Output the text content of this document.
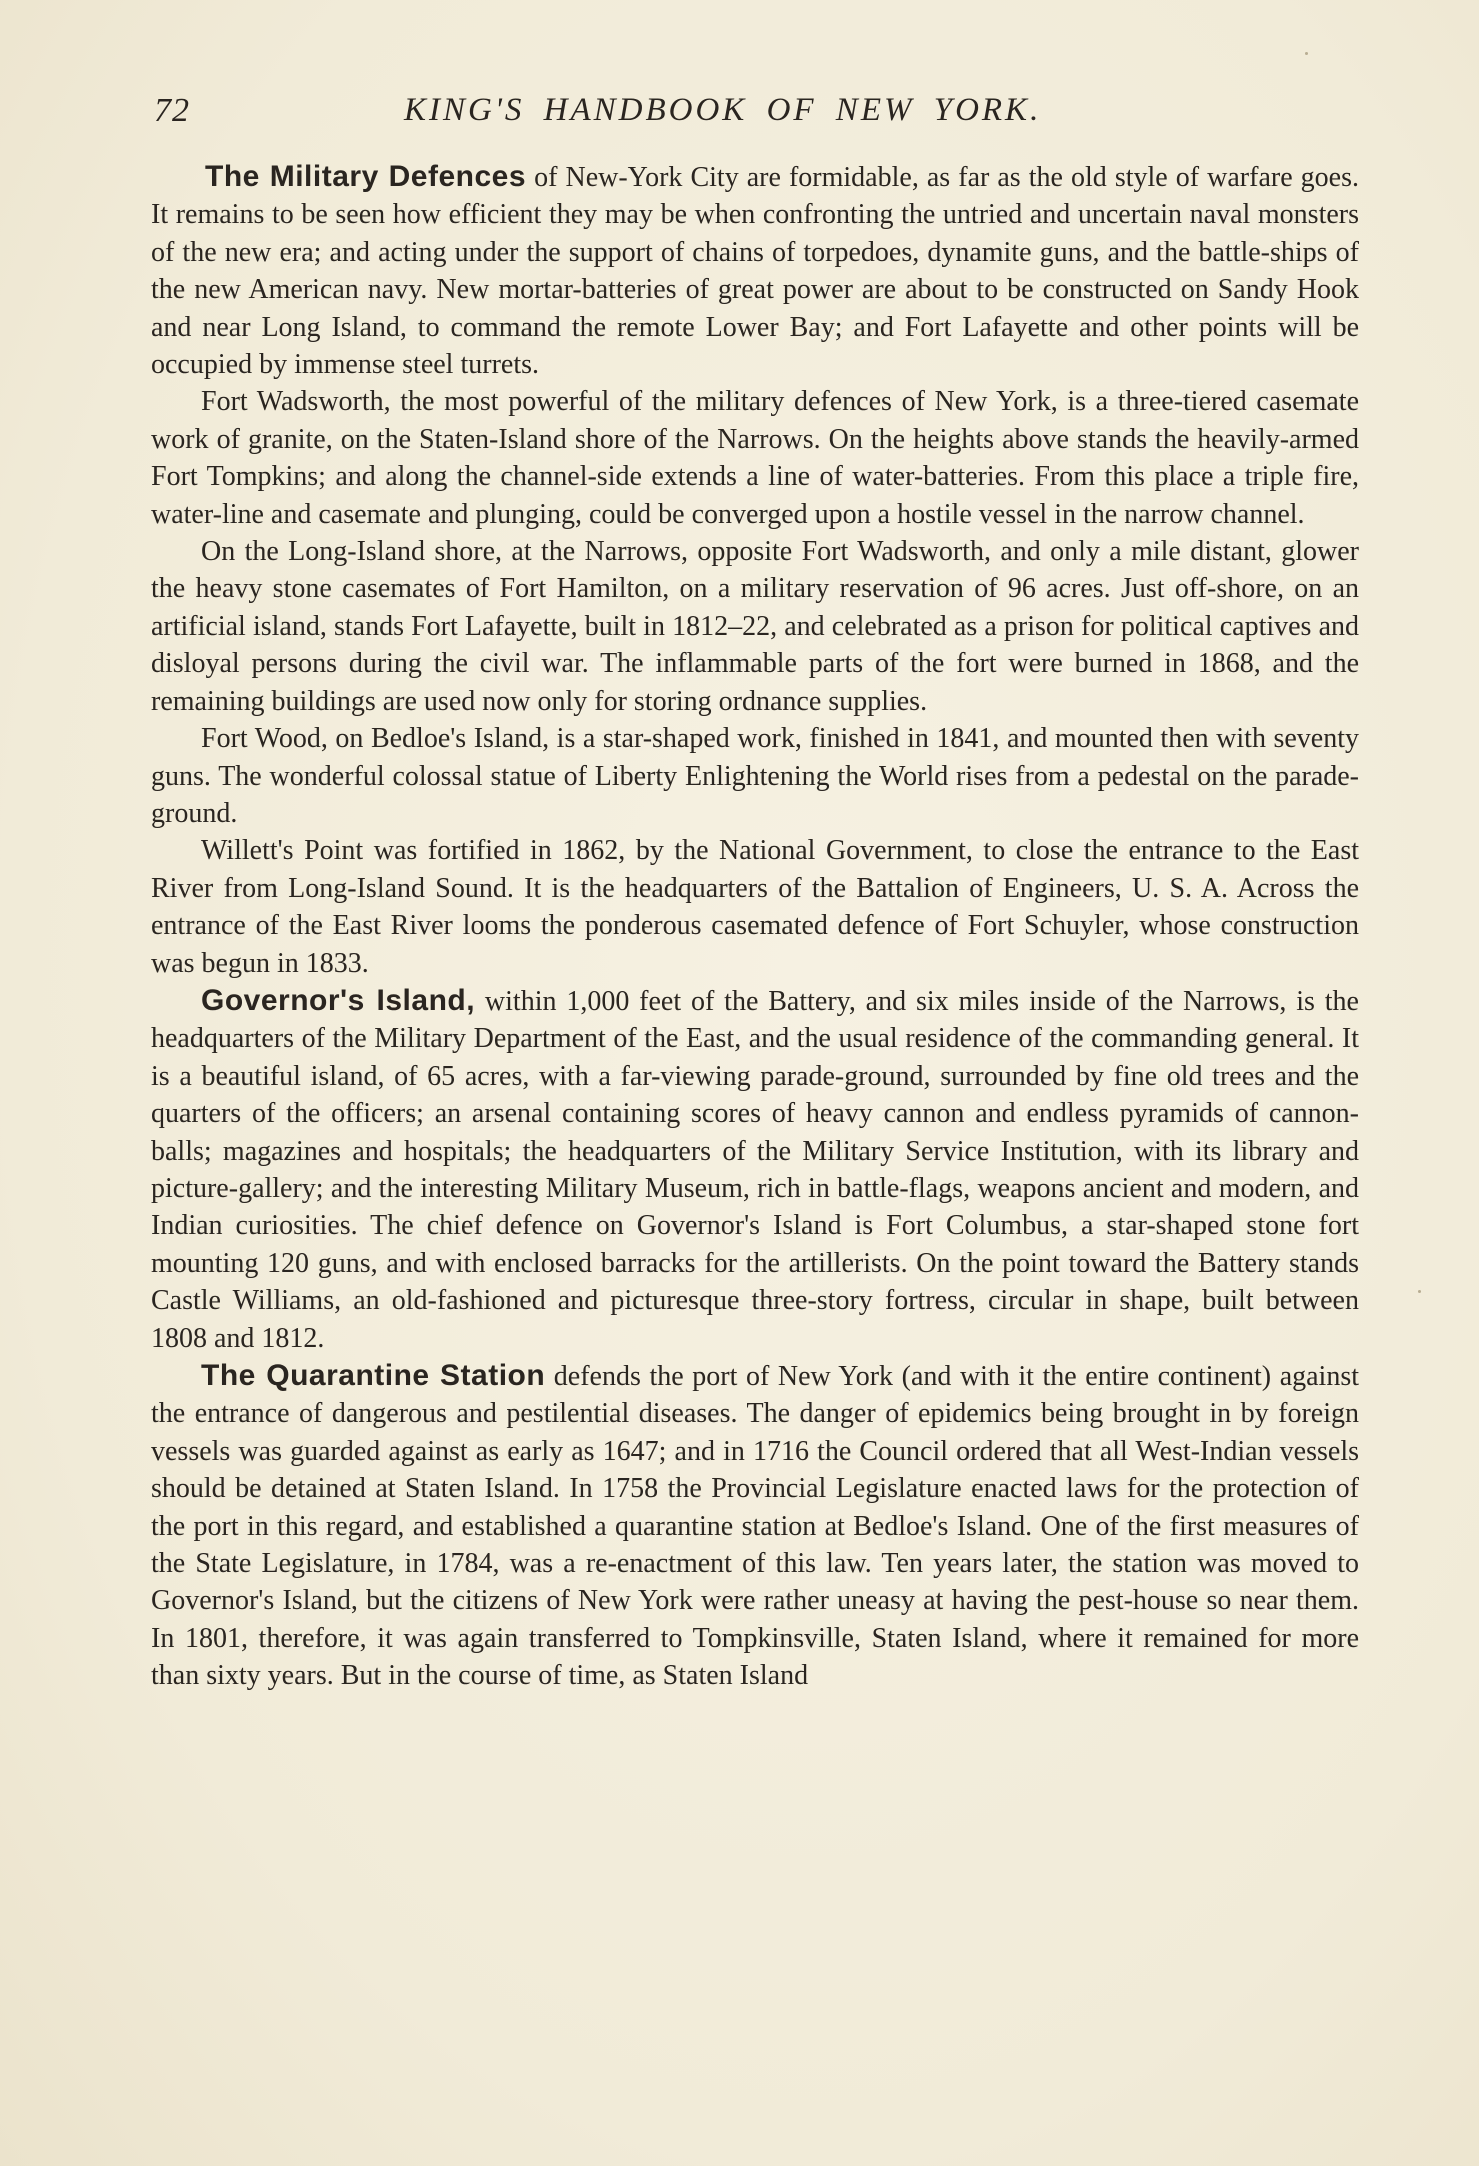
72	KING'S HANDBOOK OF NEW YORK.

The Military Defences of New-York City are formidable, as far as the old style of warfare goes. It remains to be seen how efficient they may be when confronting the untried and uncertain naval monsters of the new era; and acting under the support of chains of torpedoes, dynamite guns, and the battle-ships of the new American navy. New mortar-batteries of great power are about to be constructed on Sandy Hook and near Long Island, to command the remote Lower Bay; and Fort Lafayette and other points will be occupied by immense steel turrets.

Fort Wadsworth, the most powerful of the military defences of New York, is a three-tiered casemate work of granite, on the Staten-Island shore of the Narrows. On the heights above stands the heavily-armed Fort Tompkins; and along the channel-side extends a line of water-batteries. From this place a triple fire, water-line and casemate and plunging, could be converged upon a hostile vessel in the narrow channel.

On the Long-Island shore, at the Narrows, opposite Fort Wadsworth, and only a mile distant, glower the heavy stone casemates of Fort Hamilton, on a military reservation of 96 acres. Just off-shore, on an artificial island, stands Fort Lafayette, built in 1812–22, and celebrated as a prison for political captives and disloyal persons during the civil war. The inflammable parts of the fort were burned in 1868, and the remaining buildings are used now only for storing ordnance supplies.

Fort Wood, on Bedloe's Island, is a star-shaped work, finished in 1841, and mounted then with seventy guns. The wonderful colossal statue of Liberty Enlightening the World rises from a pedestal on the parade-ground.

Willett's Point was fortified in 1862, by the National Government, to close the entrance to the East River from Long-Island Sound. It is the headquarters of the Battalion of Engineers, U. S. A. Across the entrance of the East River looms the ponderous casemated defence of Fort Schuyler, whose construction was begun in 1833.

Governor's Island, within 1,000 feet of the Battery, and six miles inside of the Narrows, is the headquarters of the Military Department of the East, and the usual residence of the commanding general. It is a beautiful island, of 65 acres, with a far-viewing parade-ground, surrounded by fine old trees and the quarters of the officers; an arsenal containing scores of heavy cannon and endless pyramids of cannon-balls; magazines and hospitals; the headquarters of the Military Service Institution, with its library and picture-gallery; and the interesting Military Museum, rich in battle-flags, weapons ancient and modern, and Indian curiosities. The chief defence on Governor's Island is Fort Columbus, a star-shaped stone fort mounting 120 guns, and with enclosed barracks for the artillerists. On the point toward the Battery stands Castle Williams, an old-fashioned and picturesque three-story fortress, circular in shape, built between 1808 and 1812.

The Quarantine Station defends the port of New York (and with it the entire continent) against the entrance of dangerous and pestilential diseases. The danger of epidemics being brought in by foreign vessels was guarded against as early as 1647; and in 1716 the Council ordered that all West-Indian vessels should be detained at Staten Island. In 1758 the Provincial Legislature enacted laws for the protection of the port in this regard, and established a quarantine station at Bedloe's Island. One of the first measures of the State Legislature, in 1784, was a re-enactment of this law. Ten years later, the station was moved to Governor's Island, but the citizens of New York were rather uneasy at having the pest-house so near them. In 1801, therefore, it was again transferred to Tompkinsville, Staten Island, where it remained for more than sixty years. But in the course of time, as Staten Island
